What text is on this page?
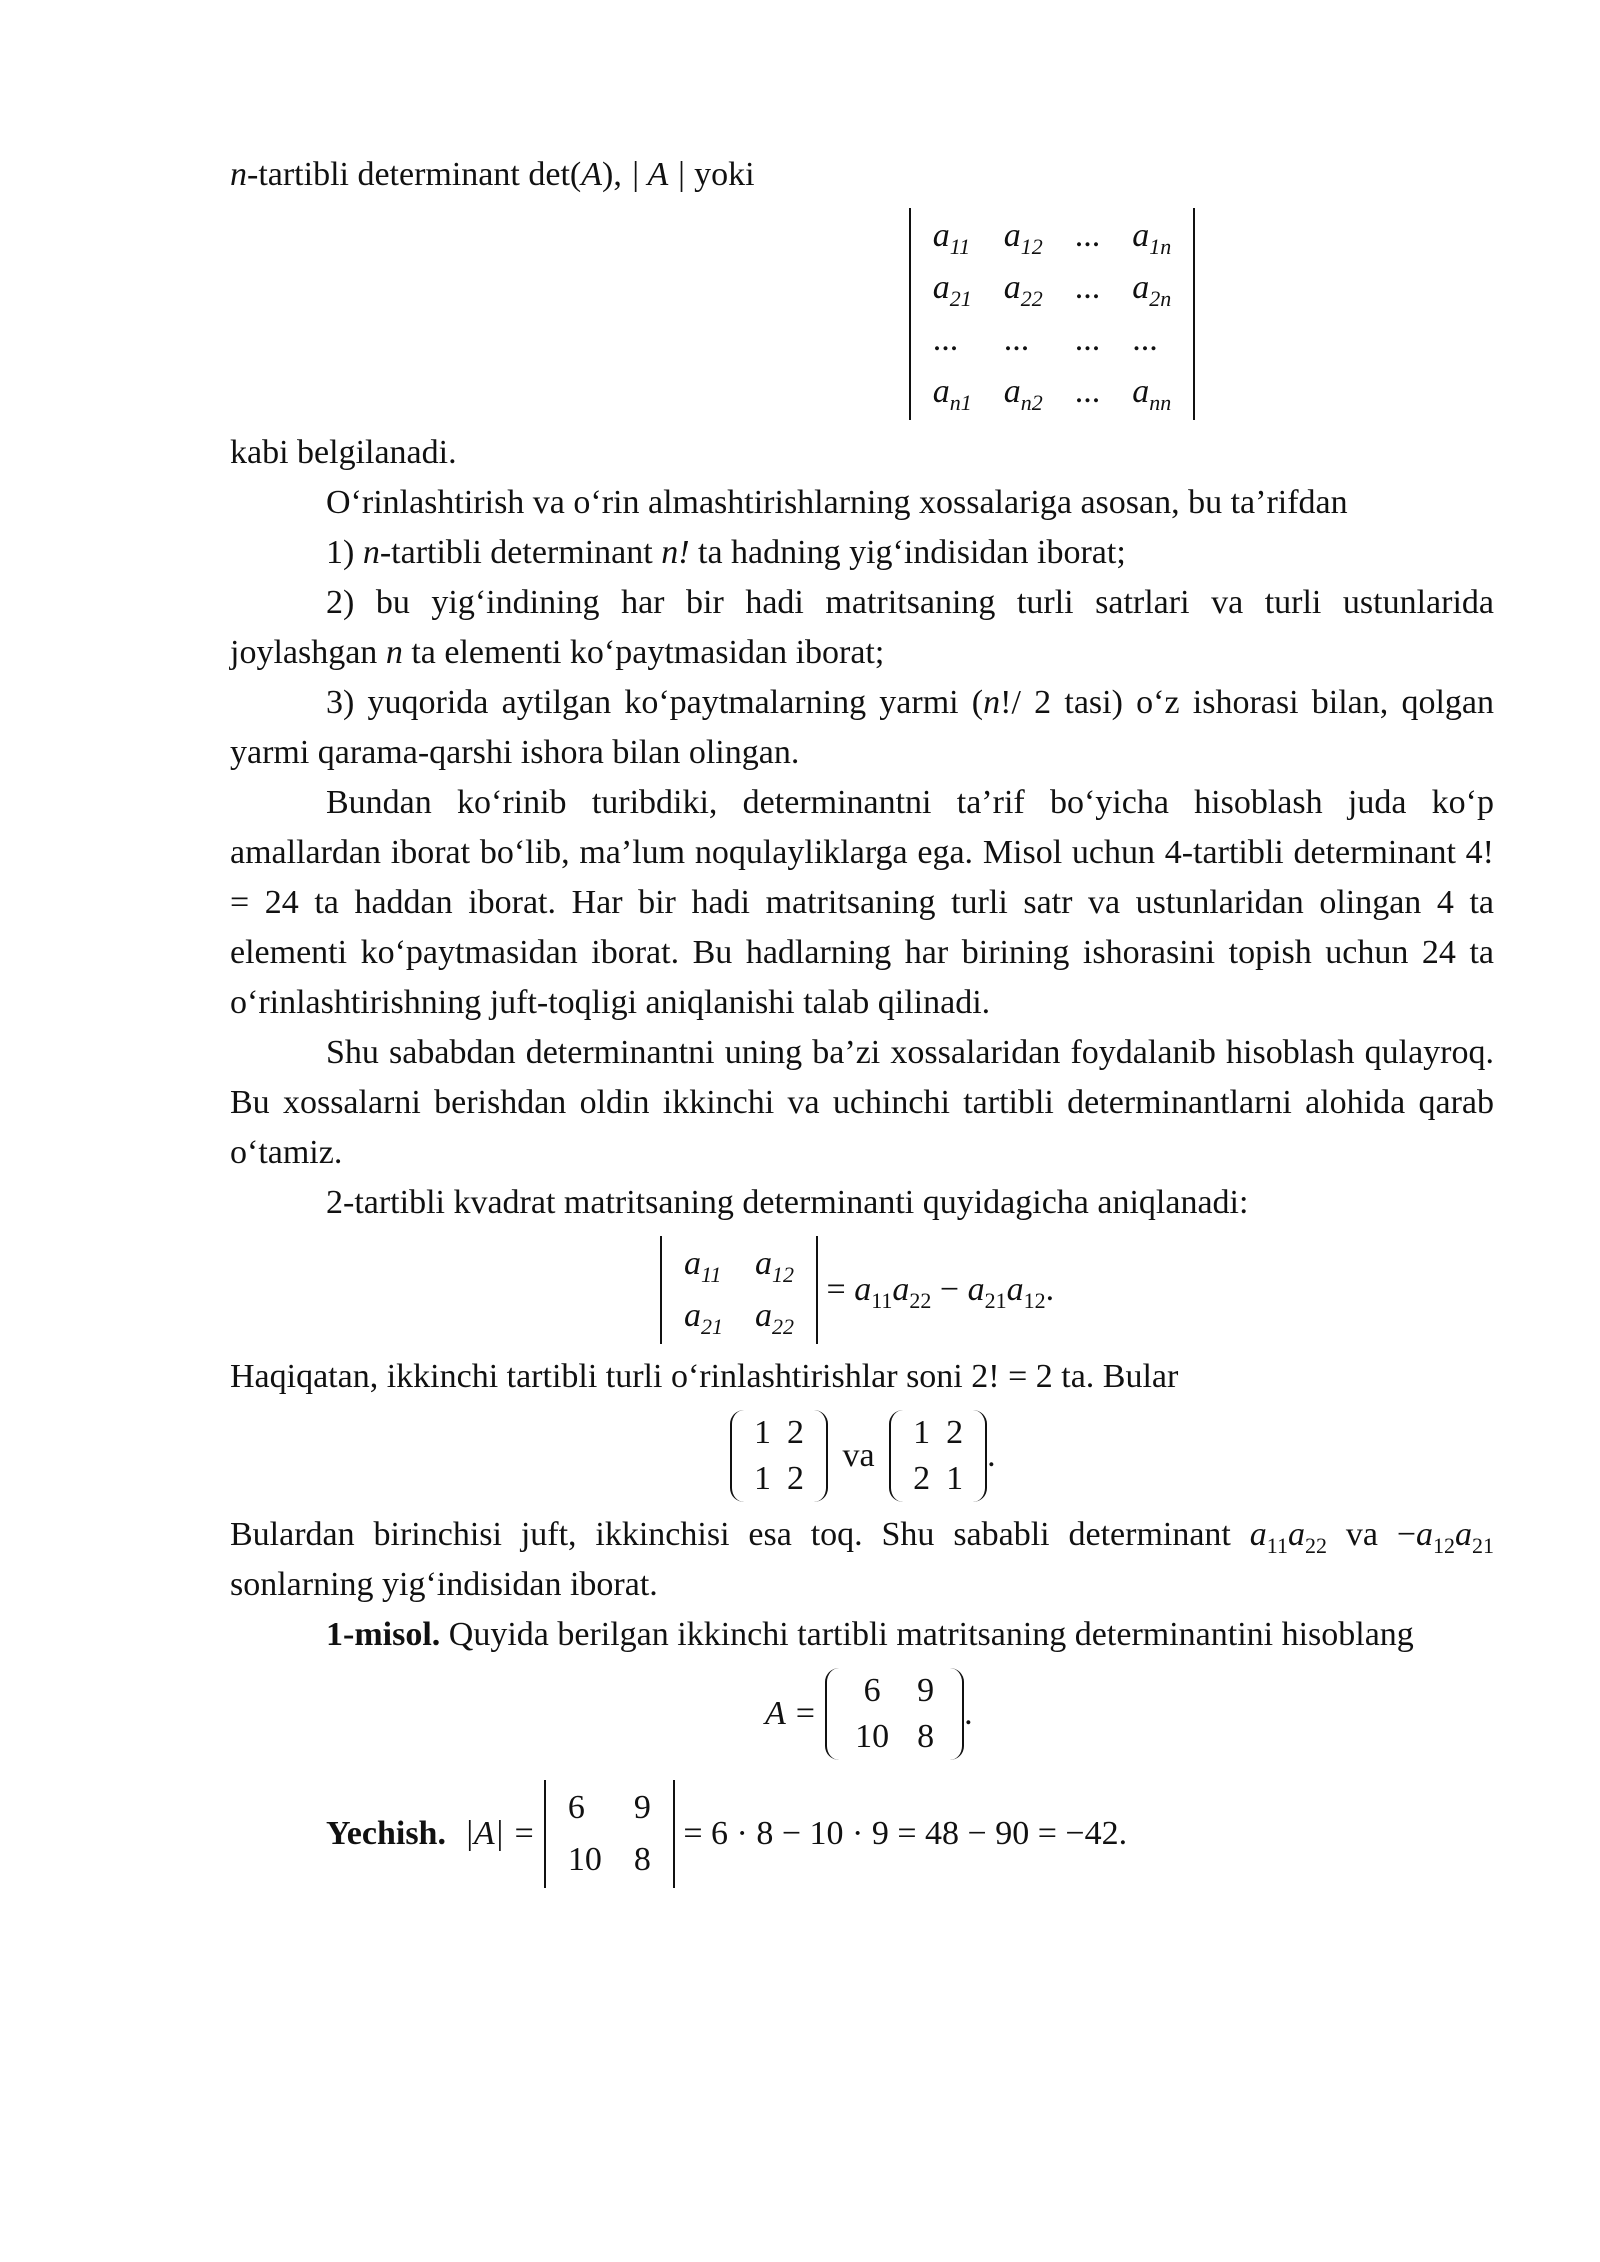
n-tartibli determinant det(A), | A | yoki

$a_{11}$	$a_{12}$	...	$a_{1n}$
$a_{21}$	$a_{22}$	...	$a_{2n}$
...	...	...	...
$a_{n1}$	$a_{n2}$	...	$a_{nn}$

kabi belgilanadi.

O‘rinlashtirish va o‘rin almashtirishlarning xossalariga asosan, bu ta’rifdan

1) n-tartibli determinant n! ta hadning yig‘indisidan iborat;

2) bu yig‘indining har bir hadi matritsaning turli satrlari va turli ustunlarida joylashgan n ta elementi ko‘paytmasidan iborat;

3) yuqorida aytilgan ko‘paytmalarning yarmi (n!/ 2 tasi) o‘z ishorasi bilan, qolgan yarmi qarama-qarshi ishora bilan olingan.

Bundan ko‘rinib turibdiki, determinantni ta’rif bo‘yicha hisoblash juda ko‘p amallardan iborat bo‘lib, ma’lum noqulayliklarga ega. Misol uchun 4-tartibli determinant 4! = 24 ta haddan iborat. Har bir hadi matritsaning turli satr va ustunlaridan olingan 4 ta elementi ko‘paytmasidan iborat. Bu hadlarning har birining ishorasini topish uchun 24 ta o‘rinlashtirishning juft-toqligi aniqlanishi talab qilinadi.

Shu sababdan determinantni uning ba’zi xossalaridan foydalanib hisoblash qulayroq. Bu xossalarni berishdan oldin ikkinchi va uchinchi tartibli determinantlarni alohida qarab o‘tamiz.

2-tartibli kvadrat matritsaning determinanti quyidagicha aniqlanadi:

$a_{11}$	$a_{12}$
$a_{21}$	$a_{22}$
= $a_{11}a_{22} - a_{21}a_{12}$.

Haqiqatan, ikkinchi tartibli turli o‘rinlashtirishlar soni 2! = 2 ta. Bular

1	2
1	2
va
1	2
2	1
.

Bulardan birinchisi juft, ikkinchisi esa toq. Shu sababli determinant $a_{11}a_{22}$ va $-a_{12}a_{21}$ sonlarning yig‘indisidan iborat.

1-misol. Quyida berilgan ikkinchi tartibli matritsaning determinantini hisoblang

A =
6	9
10	8
.
Yechish. |A| =
6	9
10	8
= 6 · 8 − 10 · 9 = 48 − 90 = −42.
